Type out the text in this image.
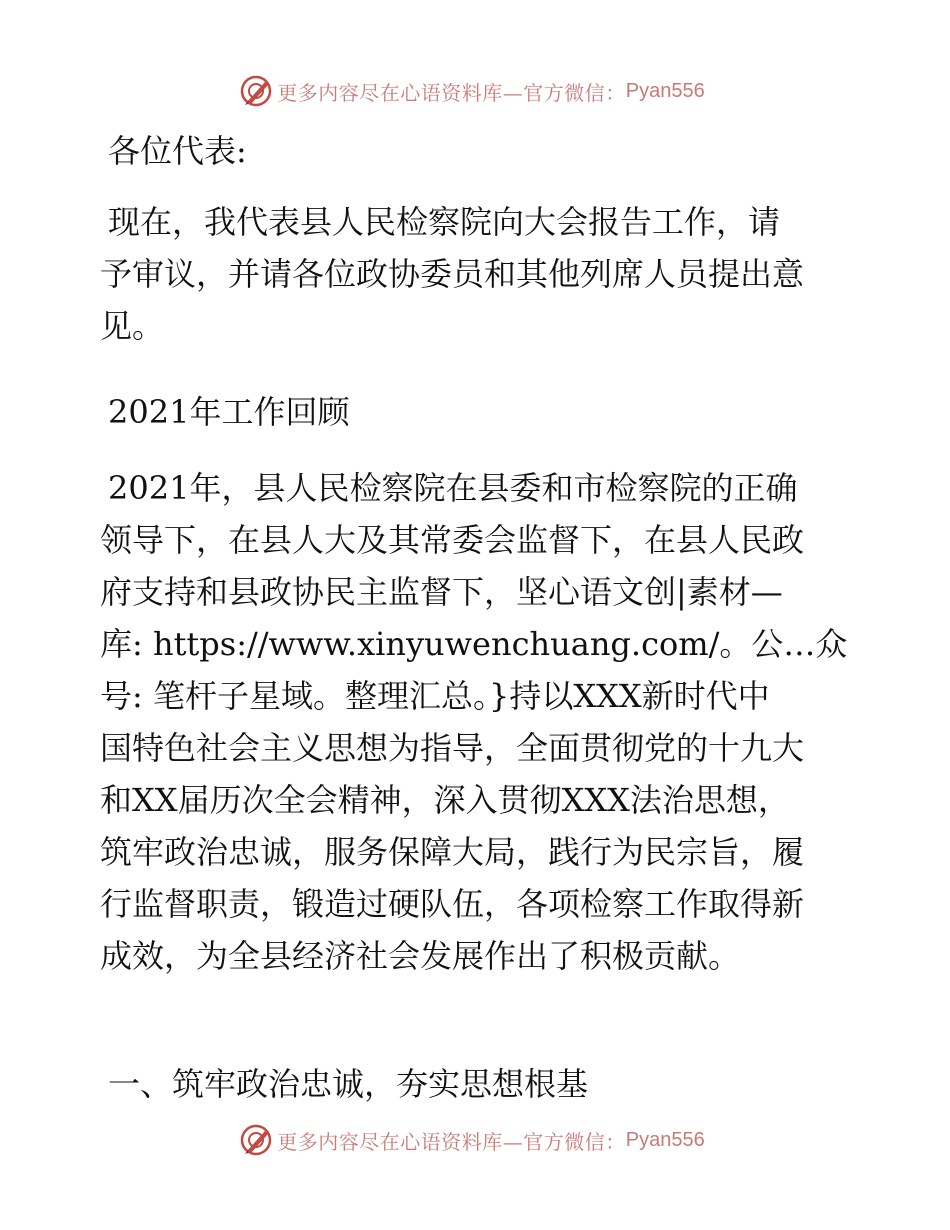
更多内容尽在心语资料库—官方微信： Pyan556
各位代表:
现在，我代表县人民检察院向大会报告工作，请
予审议，并请各位政协委员和其他列席人员提出意
见。
2021年工作回顾
2021年，县人民检察院在县委和市检察院的正确
领导下，在县人大及其常委会监督下，在县人民政
府支持和县政协民主监督下，坚心语文创|素材—
库: https://www.xinyuwenchuang.com/。公…众
号: 笔杆子星域。整理汇总。}持以XXX新时代中
国特色社会主义思想为指导，全面贯彻党的十九大
和XX届历次全会精神，深入贯彻XXX法治思想，
筑牢政治忠诚，服务保障大局，践行为民宗旨，履
行监督职责，锻造过硬队伍，各项检察工作取得新
成效，为全县经济社会发展作出了积极贡献。
一、筑牢政治忠诚，夯实思想根基
更多内容尽在心语资料库—官方微信： Pyan556
